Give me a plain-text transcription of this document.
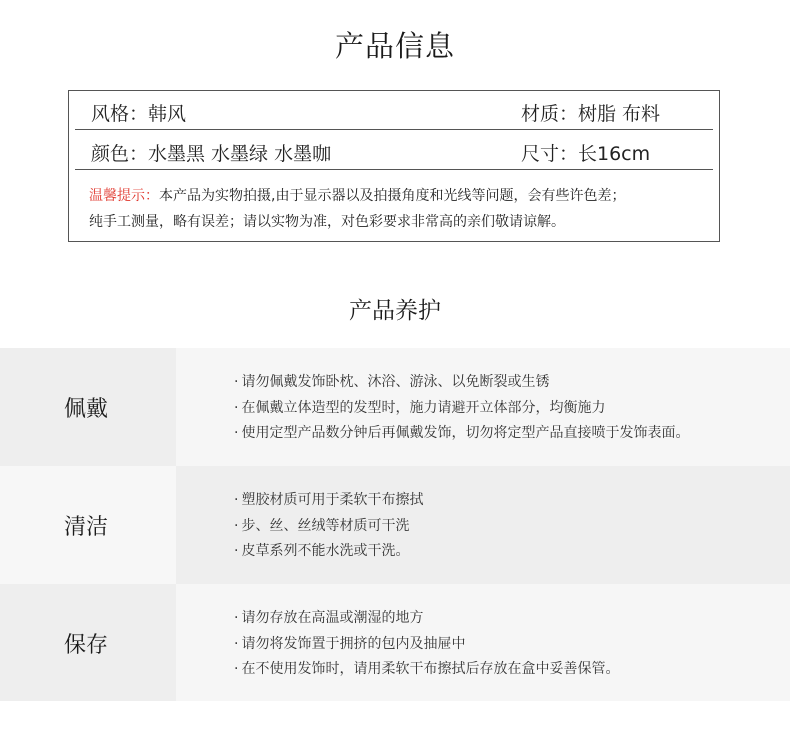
产品信息
风格：韩风	材质：树脂 布料
颜色：水墨黑 水墨绿 水墨咖	尺寸：长16cm
温馨提示：本产品为实物拍摄,由于显示器以及拍摄角度和光线等问题，会有些许色差；
纯手工测量，略有误差；请以实物为准，对色彩要求非常高的亲们敬请谅解。
产品养护
佩戴
· 请勿佩戴发饰卧枕、沐浴、游泳、以免断裂或生锈
· 在佩戴立体造型的发型时，施力请避开立体部分，均衡施力
· 使用定型产品数分钟后再佩戴发饰，切勿将定型产品直接喷于发饰表面。
清洁
· 塑胶材质可用于柔软干布擦拭
· 步、丝、丝绒等材质可干洗
· 皮草系列不能水洗或干洗。
保存
· 请勿存放在高温或潮湿的地方
· 请勿将发饰置于拥挤的包内及抽屉中
· 在不使用发饰时，请用柔软干布擦拭后存放在盒中妥善保管。
